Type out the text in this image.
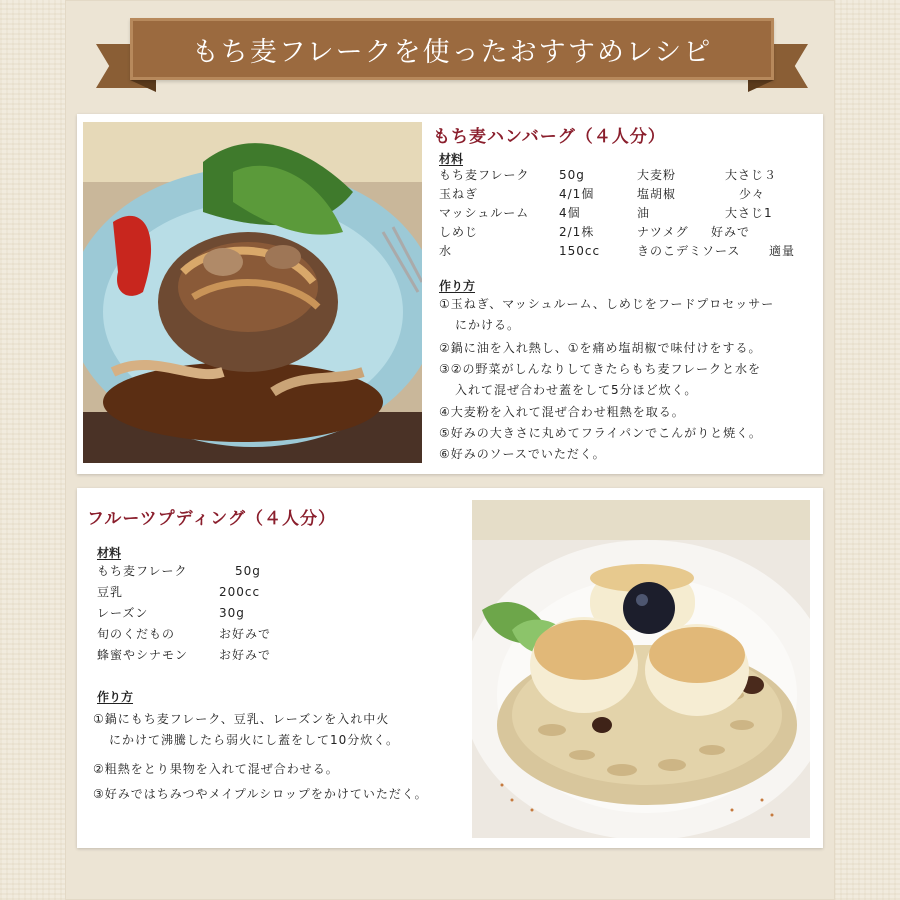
もち麦フレークを使ったおすすめレシピ
もち麦ハンバーグ（４人分）
材料
もち麦フレーク 50g	大麦粉	大さじ３
玉ねぎ	4/1個	塩胡椒	少々
マッシュルーム 4個	油	大さじ1
しめじ	2/1株	ナツメグ 好みで
水	150cc	きのこデミソース 適量
作り方
①玉ねぎ、マッシュルーム、しめじをフードプロセッサー
にかける。
②鍋に油を入れ熱し、①を痛め塩胡椒で味付けをする。
③②の野菜がしんなりしてきたらもち麦フレークと水を
入れて混ぜ合わせ蓋をして5分ほど炊く。
④大麦粉を入れて混ぜ合わせ粗熱を取る。
⑤好みの大きさに丸めてフライパンでこんがりと焼く。
⑥好みのソースでいただく。
フルーツプディング（４人分）
材料
もち麦フレーク	50g
豆乳	200cc
レーズン	30g
旬のくだもの	お好みで
蜂蜜やシナモン	お好みで
作り方
①鍋にもち麦フレーク、豆乳、レーズンを入れ中火
にかけて沸騰したら弱火にし蓋をして10分炊く。
②粗熱をとり果物を入れて混ぜ合わせる。
③好みではちみつやメイプルシロップをかけていただく。
